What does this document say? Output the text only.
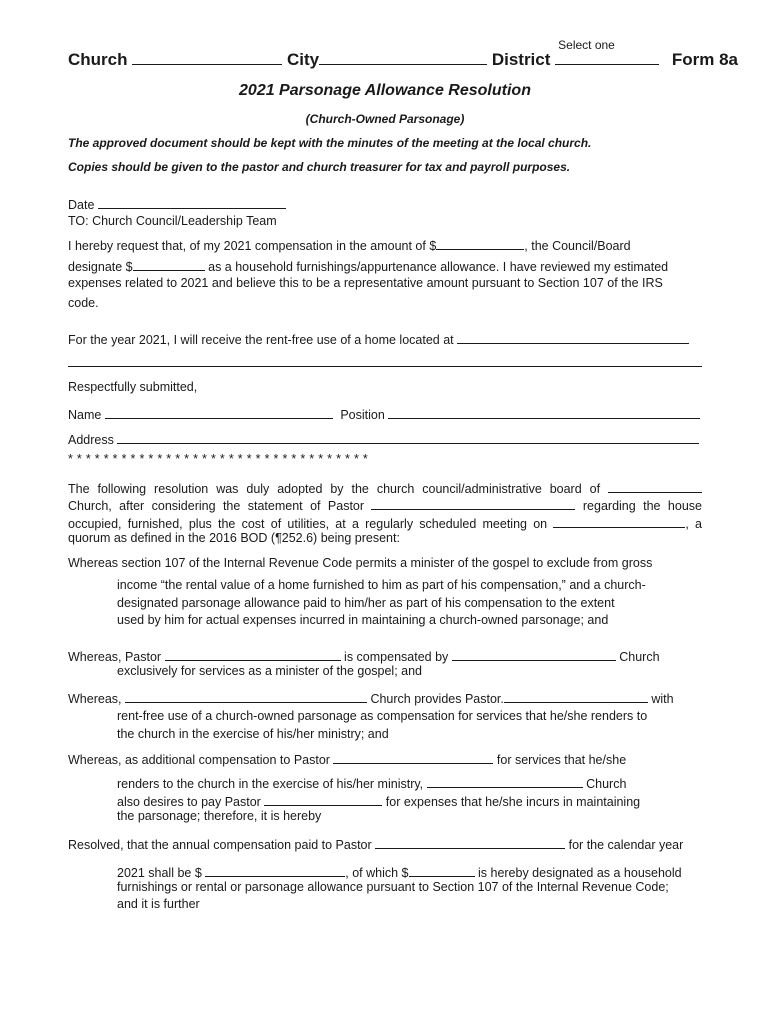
Church	City	District
Select one
Form 8a
2021 Parsonage Allowance Resolution
(Church-Owned Parsonage)
The approved document should be kept with the minutes of the meeting at the local church.
Copies should be given to the pastor and church treasurer for tax and payroll purposes.
Date
TO: Church Council/Leadership Team
I hereby request that, of my 2021 compensation in the amount of $	, the Council/Board
designate $	as a household furnishings/appurtenance allowance. I have reviewed my estimated
expenses related to 2021 and believe this to be a representative amount pursuant to Section 107 of the IRS
code.
For the year 2021, I will receive the rent-free use of a home located at
Respectfully submitted,
Name	Position
Address
* * * * * * * * * * * * * * * * * * * * * * * * * * * * * * * * * *
The following resolution was duly adopted by the church council/administrative board of
Church, after considering the statement of Pastor	regarding the house
occupied, furnished, plus the cost of utilities, at a regularly scheduled meeting on	, a
quorum as defined in the 2016 BOD (¶252.6) being present:
Whereas section 107 of the Internal Revenue Code permits a minister of the gospel to exclude from gross
income “the rental value of a home furnished to him as part of his compensation,” and a church-
designated parsonage allowance paid to him/her as part of his compensation to the extent
used by him for actual expenses incurred in maintaining a church-owned parsonage; and
Whereas, Pastor	is compensated by	Church
exclusively for services as a minister of the gospel; and
Whereas,	Church provides Pastor.	with
rent-free use of a church-owned parsonage as compensation for services that he/she renders to
the church in the exercise of his/her ministry; and
Whereas, as additional compensation to Pastor	for services that he/she
renders to the church in the exercise of his/her ministry,	Church
also desires to pay Pastor	for expenses that he/she incurs in maintaining
the parsonage; therefore, it is hereby
Resolved, that the annual compensation paid to Pastor	for the calendar year
2021 shall be $	, of which $	is hereby designated as a household
furnishings or rental or parsonage allowance pursuant to Section 107 of the Internal Revenue Code;
and it is further
